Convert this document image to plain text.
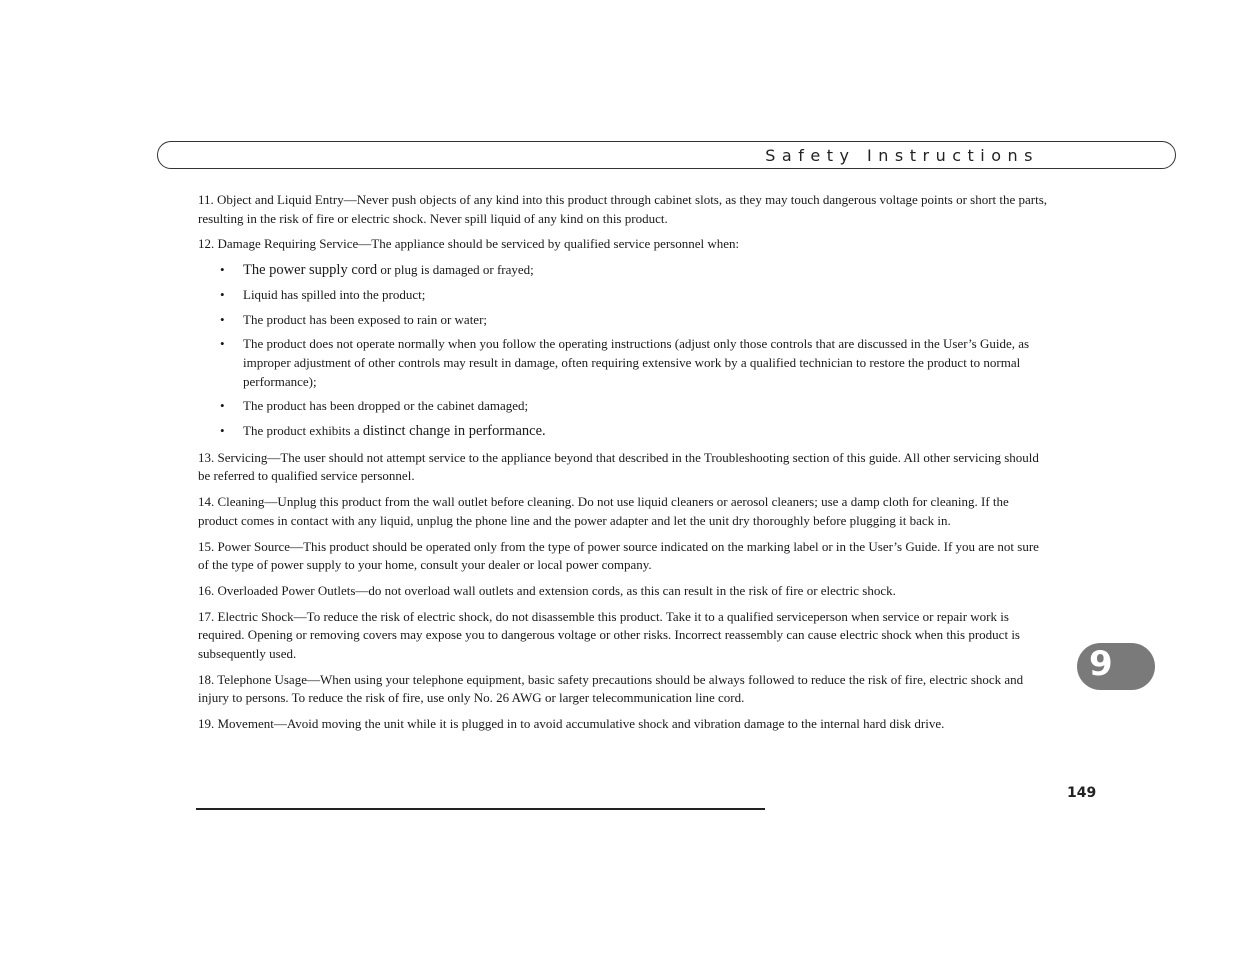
Safety Instructions

11. Object and Liquid Entry—Never push objects of any kind into this product through cabinet slots, as they may touch dangerous voltage points or short the parts, resulting in the risk of fire or electric shock. Never spill liquid of any kind on this product.

12. Damage Requiring Service—The appliance should be serviced by qualified service personnel when:

• The power supply cord or plug is damaged or frayed;
• Liquid has spilled into the product;
• The product has been exposed to rain or water;
• The product does not operate normally when you follow the operating instructions (adjust only those controls that are discussed in the User’s Guide, as improper adjustment of other controls may result in damage, often requiring extensive work by a qualified technician to restore the product to normal performance);
• The product has been dropped or the cabinet damaged;
• The product exhibits a distinct change in performance.

13. Servicing—The user should not attempt service to the appliance beyond that described in the Troubleshooting section of this guide. All other servicing should be referred to qualified service personnel.

14. Cleaning—Unplug this product from the wall outlet before cleaning. Do not use liquid cleaners or aerosol cleaners; use a damp cloth for cleaning. If the product comes in contact with any liquid, unplug the phone line and the power adapter and let the unit dry thoroughly before plugging it back in.

15. Power Source—This product should be operated only from the type of power source indicated on the marking label or in the User’s Guide. If you are not sure of the type of power supply to your home, consult your dealer or local power company.

16. Overloaded Power Outlets—do not overload wall outlets and extension cords, as this can result in the risk of fire or electric shock.

17. Electric Shock—To reduce the risk of electric shock, do not disassemble this product. Take it to a qualified serviceperson when service or repair work is required. Opening or removing covers may expose you to dangerous voltage or other risks. Incorrect reassembly can cause electric shock when this product is subsequently used.

18. Telephone Usage—When using your telephone equipment, basic safety precautions should be always followed to reduce the risk of fire, electric shock and injury to persons. To reduce the risk of fire, use only No. 26 AWG or larger telecommunication line cord.

19. Movement—Avoid moving the unit while it is plugged in to avoid accumulative shock and vibration damage to the internal hard disk drive.

9
149
